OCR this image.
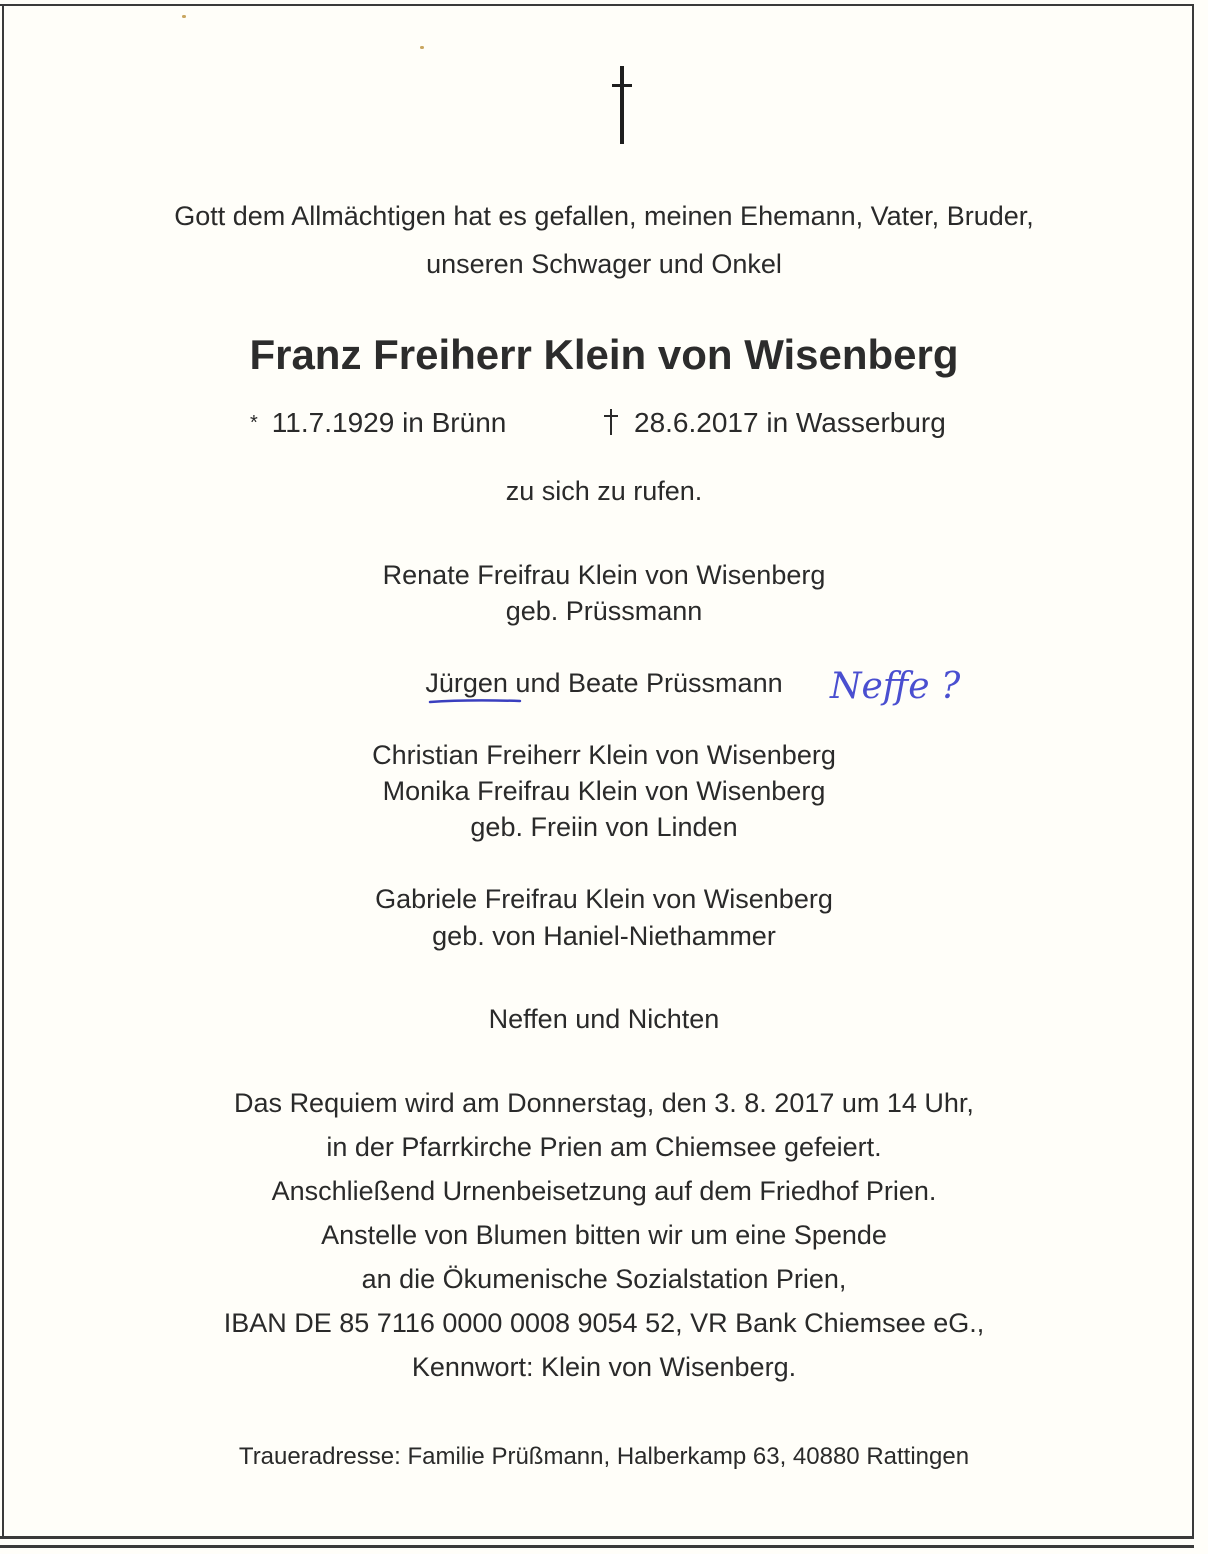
Gott dem Allmächtigen hat es gefallen, meinen Ehemann, Vater, Bruder,
unseren Schwager und Onkel
Franz Freiherr Klein von Wisenberg
* 11.7.1929 in Brünn	28.6.2017 in Wasserburg
zu sich zu rufen.
Renate Freifrau Klein von Wisenberg
geb. Prüssmann
Jürgen und Beate Prüssmann	Neffe ?
Christian Freiherr Klein von Wisenberg
Monika Freifrau Klein von Wisenberg
geb. Freiin von Linden
Gabriele Freifrau Klein von Wisenberg
geb. von Haniel-Niethammer
Neffen und Nichten
Das Requiem wird am Donnerstag, den 3. 8. 2017 um 14 Uhr,
in der Pfarrkirche Prien am Chiemsee gefeiert.
Anschließend Urnenbeisetzung auf dem Friedhof Prien.
Anstelle von Blumen bitten wir um eine Spende
an die Ökumenische Sozialstation Prien,
IBAN DE 85 7116 0000 0008 9054 52, VR Bank Chiemsee eG.,
Kennwort: Klein von Wisenberg.
Traueradresse: Familie Prüßmann, Halberkamp 63, 40880 Rattingen
